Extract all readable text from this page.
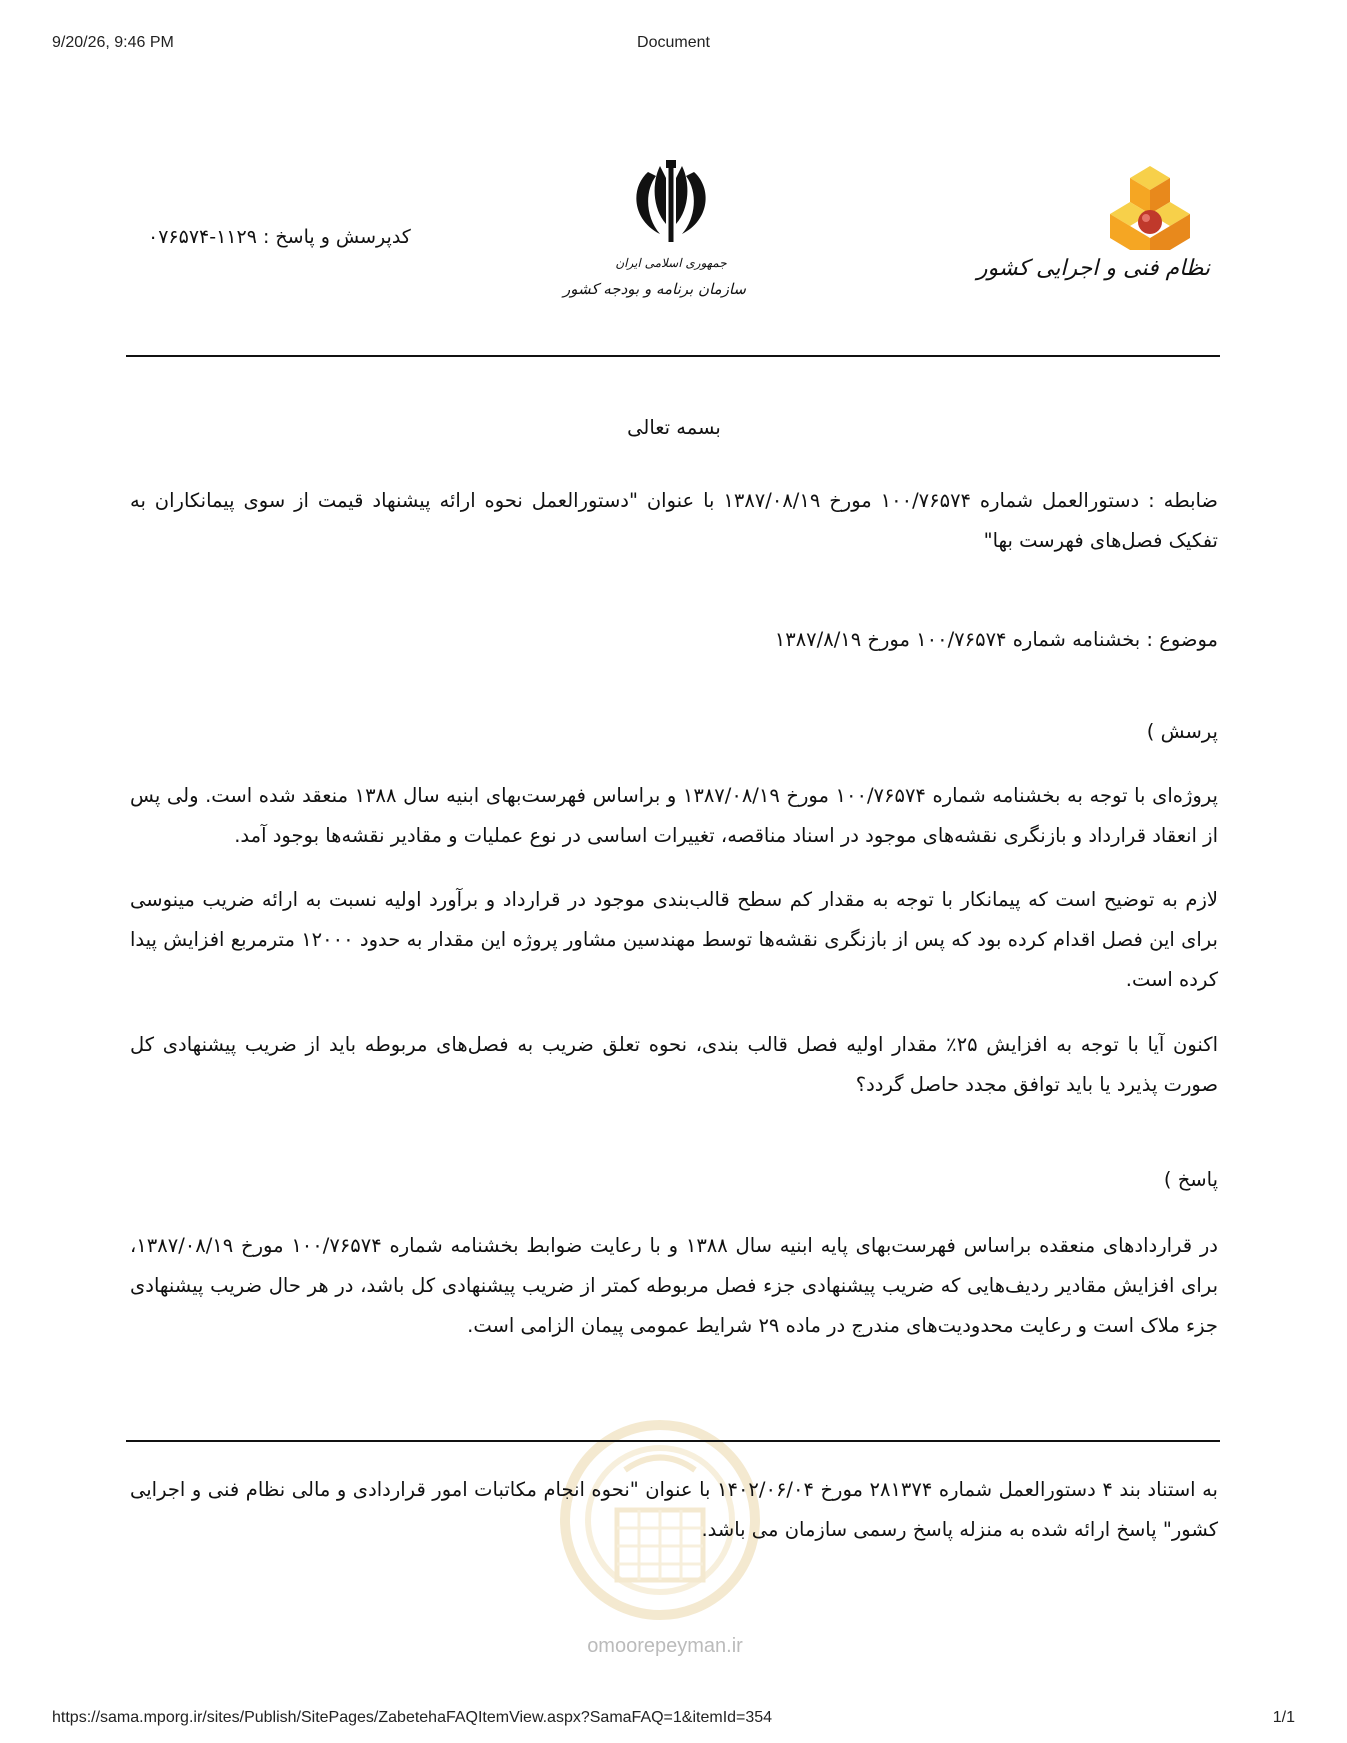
9/20/26, 9:46 PM	Document
نظام فنی و اجرایی کشور
جمهوری اسلامی ایران
سازمان برنامه و بودجه کشور
کدپرسش و پاسخ : ۱۱۲۹-۰۷۶۵۷۴
بسمه تعالی
ضابطه : دستورالعمل شماره ۱۰۰/۷۶۵۷۴ مورخ ۱۳۸۷/۰۸/۱۹ با عنوان "دستورالعمل نحوه ارائه پیشنهاد قیمت از سوی پیمانکاران به تفکیک فصل‌های فهرست بها"
موضوع : بخشنامه شماره ۱۰۰/۷۶۵۷۴ مورخ ۱۳۸۷/۸/۱۹
پرسش )
پروژه‌ای با توجه به بخشنامه شماره ۱۰۰/۷۶۵۷۴ مورخ ۱۳۸۷/۰۸/۱۹ و براساس فهرست‌بهای ابنیه سال ۱۳۸۸ منعقد شده است. ولی پس از انعقاد قرارداد و بازنگری نقشه‌های موجود در اسناد مناقصه، تغییرات اساسی در نوع عملیات و مقادیر نقشه‌ها بوجود آمد.
لازم به توضیح است که پیمانکار با توجه به مقدار کم سطح قالب‌بندی موجود در قرارداد و برآورد اولیه نسبت به ارائه ضریب مینوسی برای این فصل اقدام کرده بود که پس از بازنگری نقشه‌ها توسط مهندسین مشاور پروژه این مقدار به حدود ۱۲۰۰۰ مترمربع افزایش پیدا کرده است.
اکنون آیا با توجه به افزایش ۲۵٪ مقدار اولیه فصل قالب بندی، نحوه تعلق ضریب به فصل‌های مربوطه باید از ضریب پیشنهادی کل صورت پذیرد یا باید توافق مجدد حاصل گردد؟
پاسخ )
در قراردادهای منعقده براساس فهرست‌بهای پایه ابنیه سال ۱۳۸۸ و با رعایت ضوابط بخشنامه شماره ۱۰۰/۷۶۵۷۴ مورخ ۱۳۸۷/۰۸/۱۹، برای افزایش مقادیر ردیف‌هایی که ضریب پیشنهادی جزء فصل مربوطه کمتر از ضریب پیشنهادی کل باشد، در هر حال ضریب پیشنهادی جزء ملاک است و رعایت محدودیت‌های مندرج در ماده ۲۹ شرایط عمومی پیمان الزامی است.
به استناد بند ۴ دستورالعمل شماره ۲۸۱۳۷۴ مورخ ۱۴۰۲/۰۶/۰۴ با عنوان "نحوه انجام مکاتبات امور قراردادی و مالی نظام فنی و اجرایی کشور" پاسخ ارائه شده به منزله پاسخ رسمی سازمان می باشد.
omoorepeyman.ir
https://sama.mporg.ir/sites/Publish/SitePages/ZabetehaFAQItemView.aspx?SamaFAQ=1&itemId=354	1/1
